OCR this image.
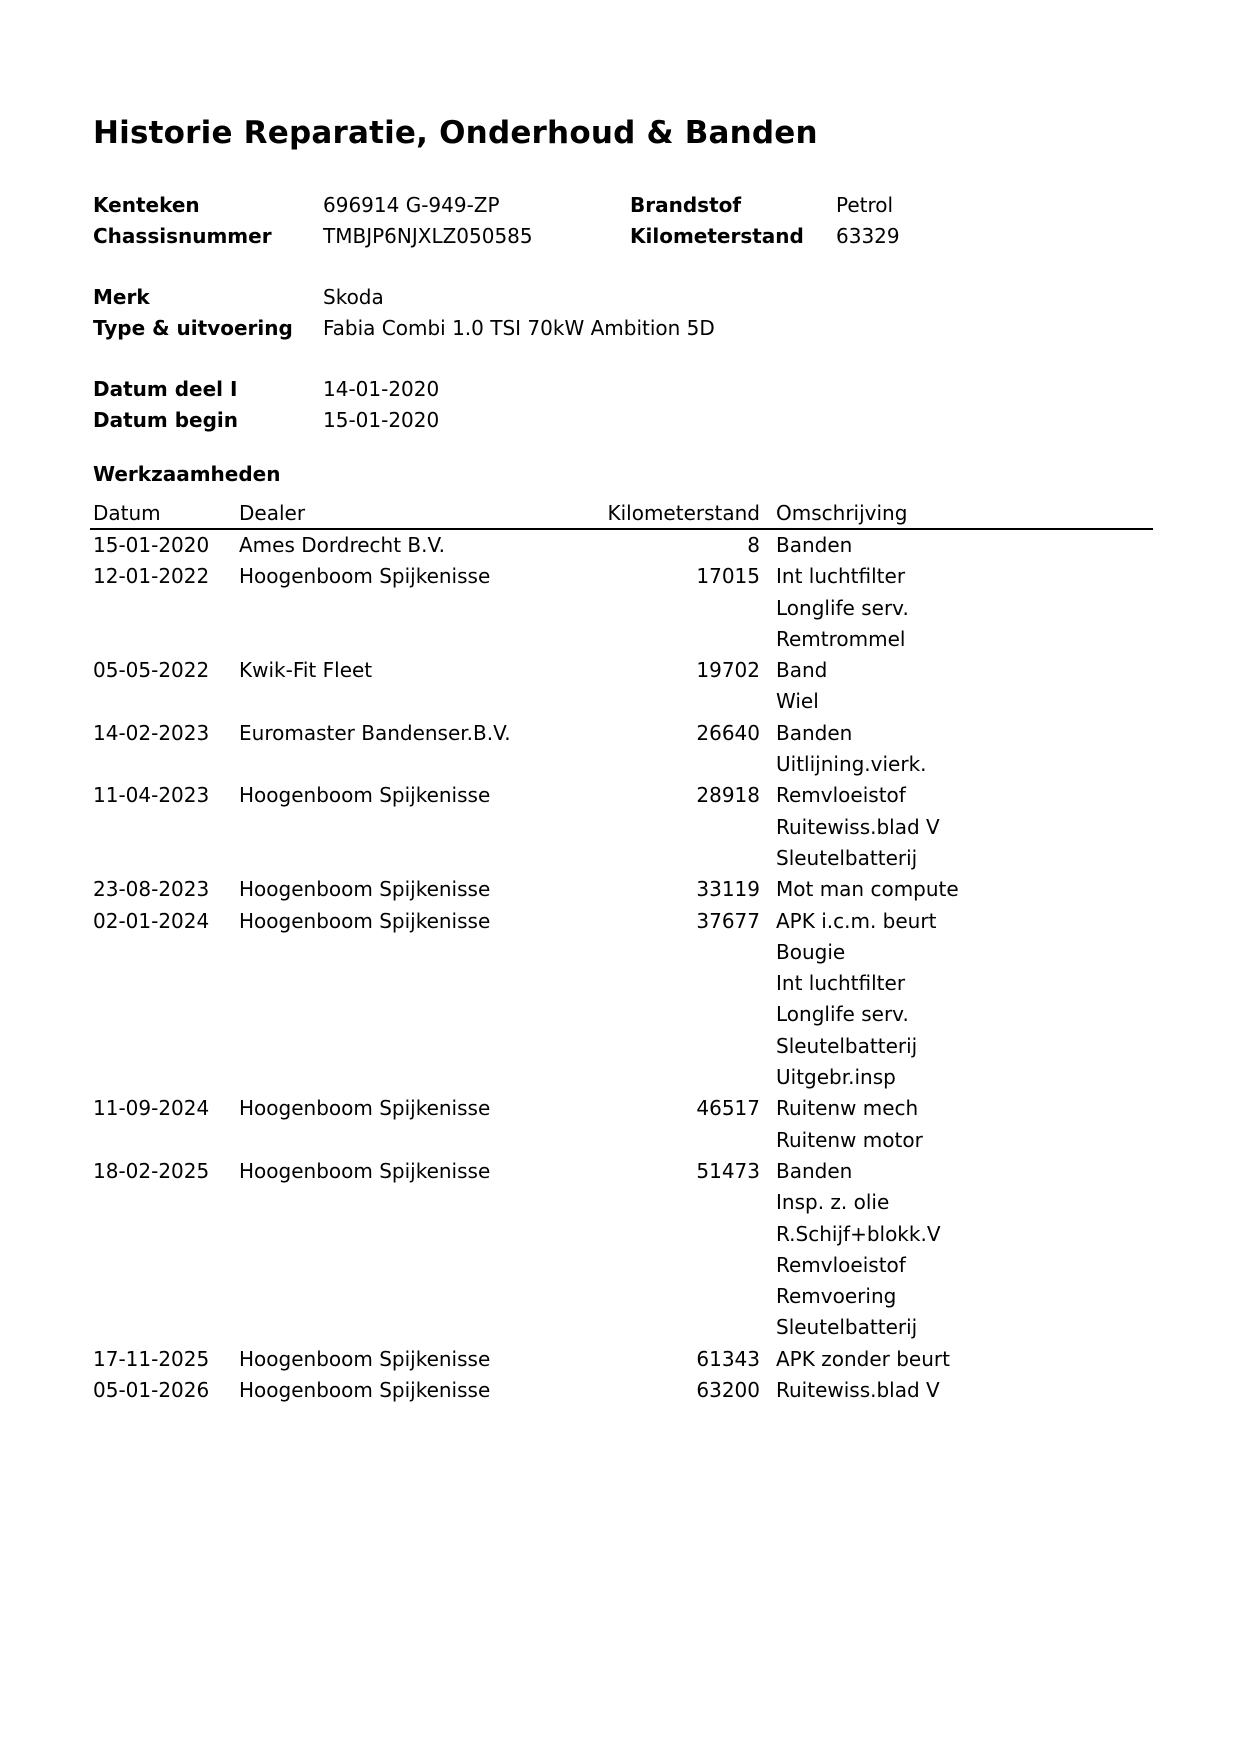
Historie Reparatie, Onderhoud & Banden
Kenteken	696914 G-949-ZP
Chassisnummer	TMBJP6NJXLZ050585
Merk	Skoda
Type & uitvoering Fabia Combi 1.0 TSI 70kW Ambition 5D
Datum deel I	14-01-2020
Datum begin	15-01-2020
Brandstof	Petrol
Kilometerstand 63329
Werkzaamheden
Datum	Dealer	Kilometerstand Omschrijving
15-01-2020 Ames Dordrecht B.V.	8 Banden
12-01-2022 Hoogenboom Spijkenisse	17015 Int luchtfilter
Longlife serv.
Remtrommel
05-05-2022 Kwik-Fit Fleet	19702 Band
Wiel
14-02-2023 Euromaster Bandenser.B.V.	26640 Banden
Uitlijning.vierk.
11-04-2023 Hoogenboom Spijkenisse	28918 Remvloeistof
Ruitewiss.blad V
Sleutelbatterij
23-08-2023 Hoogenboom Spijkenisse	33119 Mot man compute
02-01-2024 Hoogenboom Spijkenisse	37677 APK i.c.m. beurt
Bougie
Int luchtfilter
Longlife serv.
Sleutelbatterij
Uitgebr.insp
11-09-2024 Hoogenboom Spijkenisse	46517 Ruitenw mech
Ruitenw motor
18-02-2025 Hoogenboom Spijkenisse	51473 Banden
Insp. z. olie
R.Schijf+blokk.V
Remvloeistof
Remvoering
Sleutelbatterij
17-11-2025 Hoogenboom Spijkenisse	61343 APK zonder beurt
05-01-2026 Hoogenboom Spijkenisse	63200 Ruitewiss.blad V
